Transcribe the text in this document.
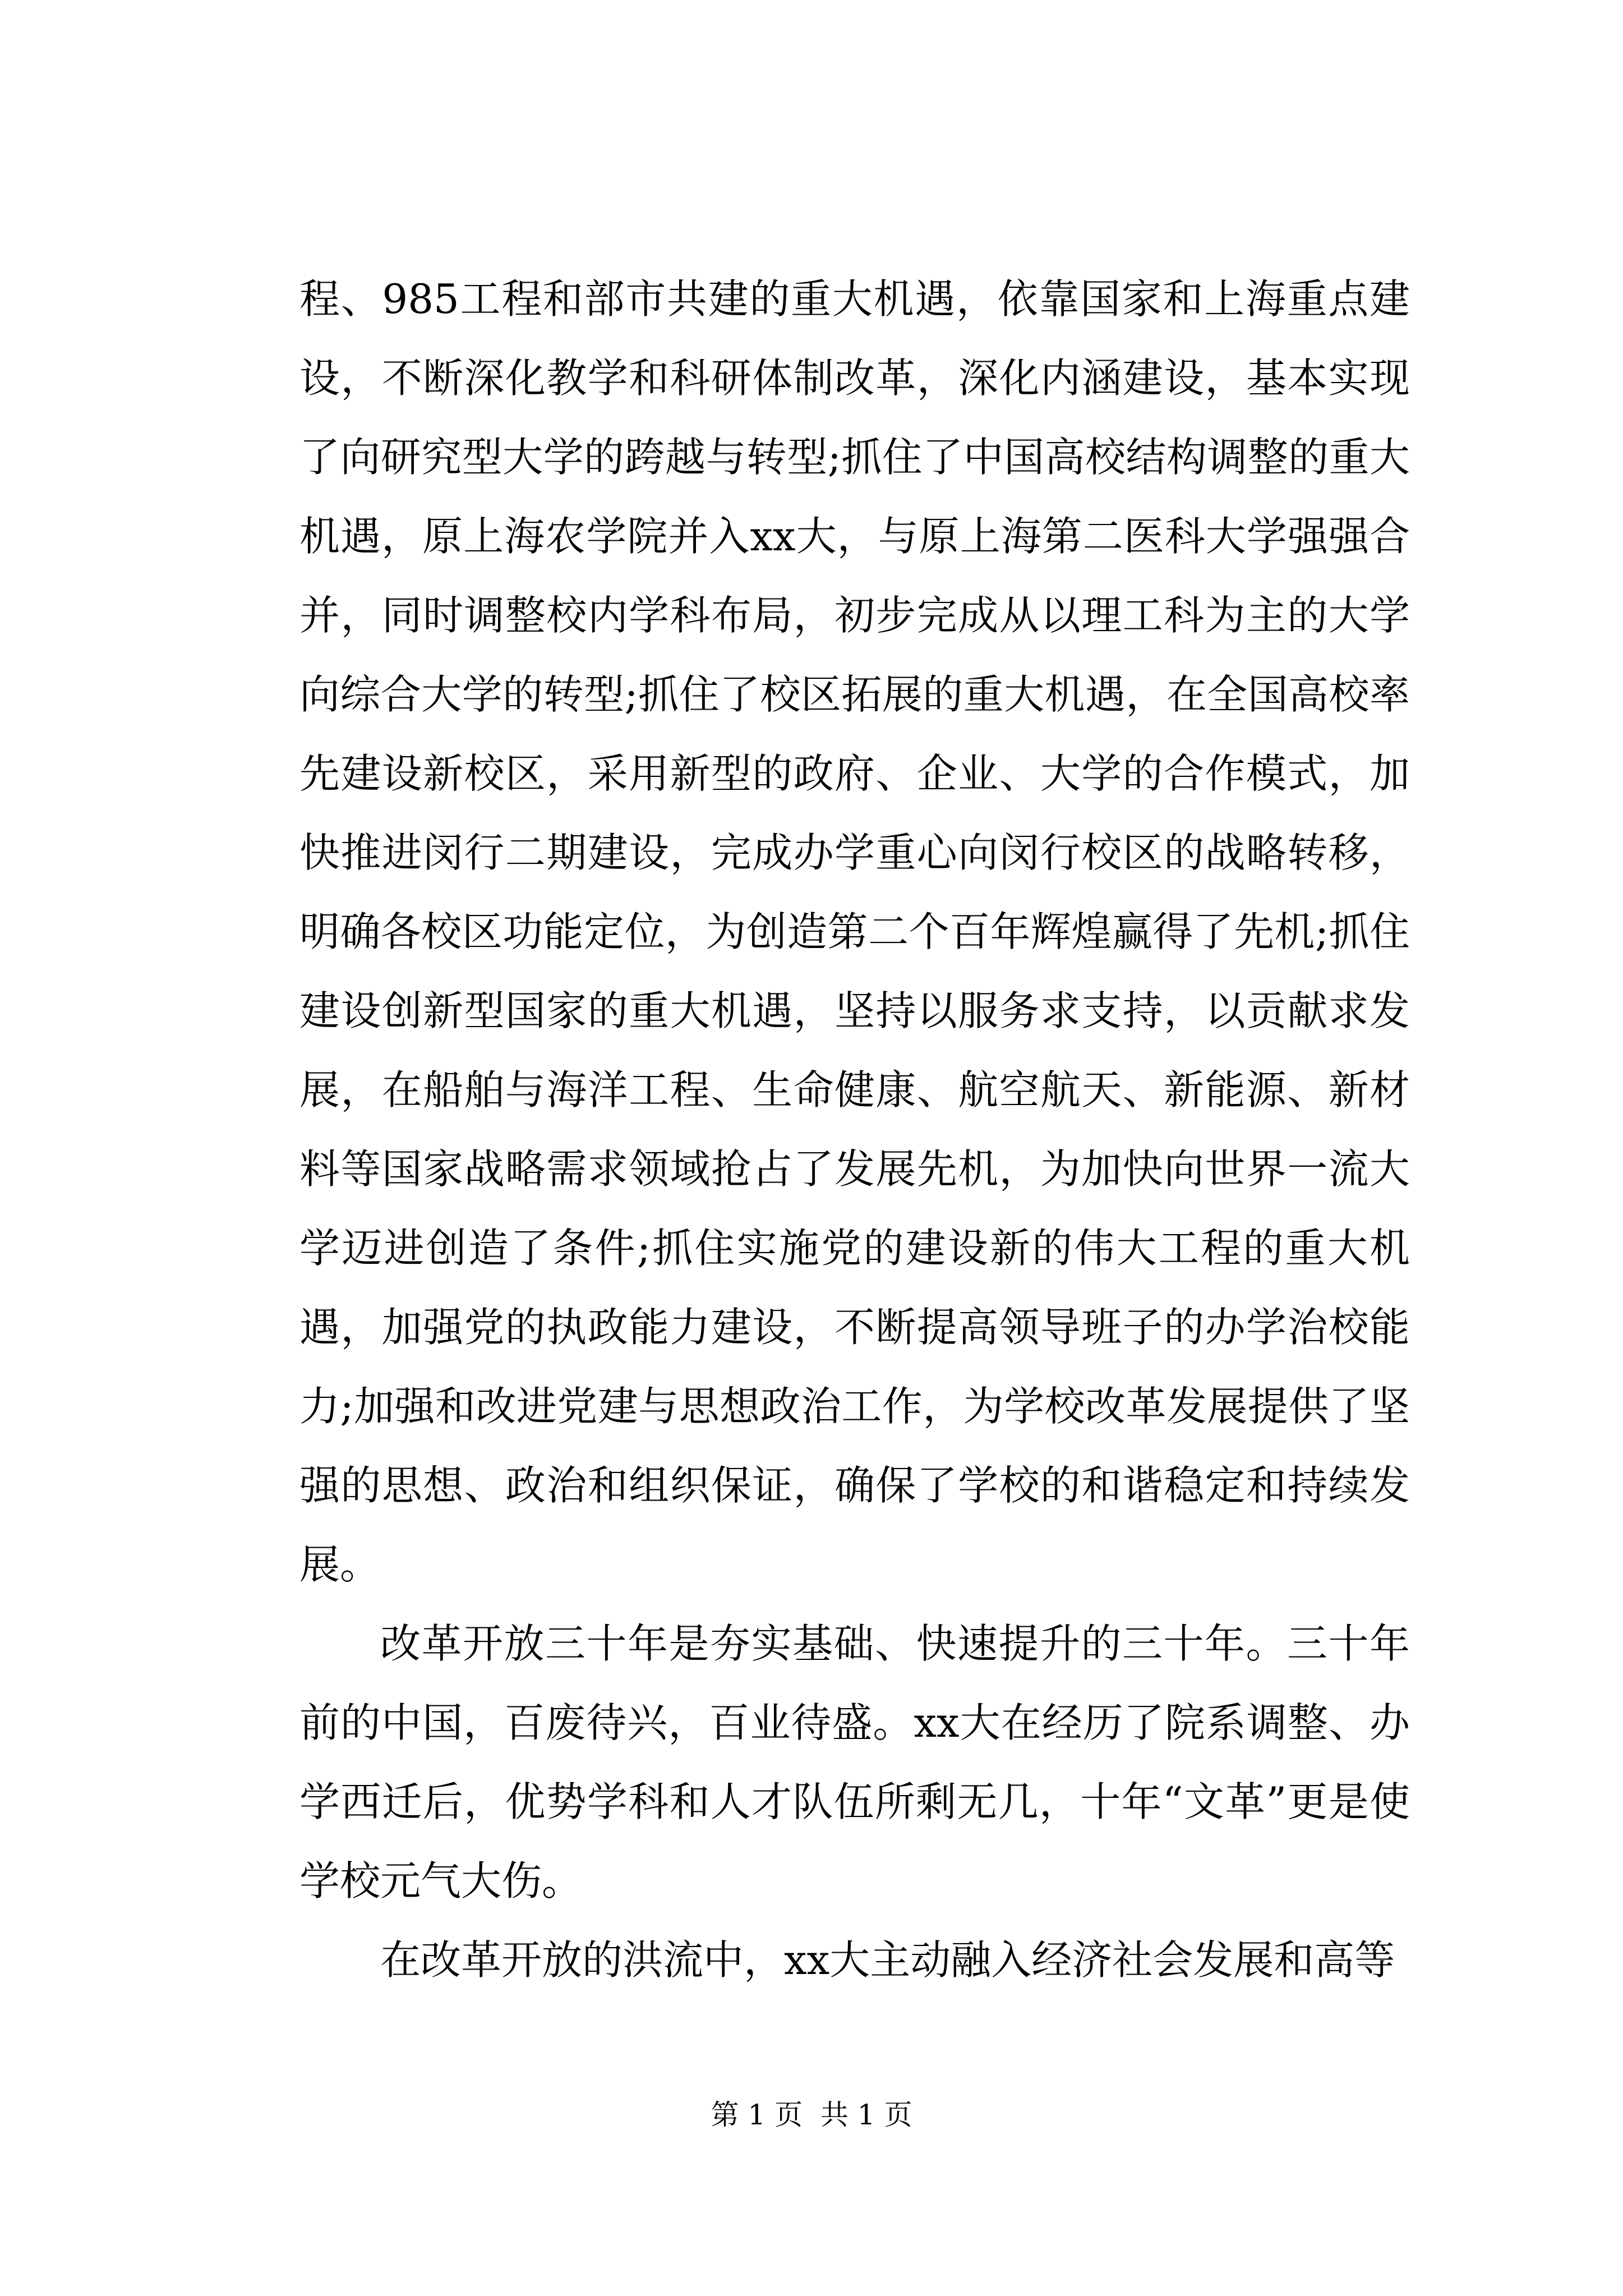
程、985工程和部市共建的重大机遇，依靠国家和上海重点建设，不断深化教学和科研体制改革，深化内涵建设，基本实现了向研究型大学的跨越与转型;抓住了中国高校结构调整的重大机遇，原上海农学院并入xx大，与原上海第二医科大学强强合并，同时调整校内学科布局，初步完成从以理工科为主的大学向综合大学的转型;抓住了校区拓展的重大机遇，在全国高校率先建设新校区，采用新型的政府、企业、大学的合作模式，加快推进闵行二期建设，完成办学重心向闵行校区的战略转移，明确各校区功能定位，为创造第二个百年辉煌赢得了先机;抓住建设创新型国家的重大机遇，坚持以服务求支持，以贡献求发展，在船舶与海洋工程、生命健康、航空航天、新能源、新材料等国家战略需求领域抢占了发展先机，为加快向世界一流大学迈进创造了条件;抓住实施党的建设新的伟大工程的重大机遇，加强党的执政能力建设，不断提高领导班子的办学治校能力;加强和改进党建与思想政治工作，为学校改革发展提供了坚强的思想、政治和组织保证，确保了学校的和谐稳定和持续发展。

改革开放三十年是夯实基础、快速提升的三十年。三十年前的中国，百废待兴，百业待盛。xx大在经历了院系调整、办学西迁后，优势学科和人才队伍所剩无几，十年“文革”更是使学校元气大伤。

在改革开放的洪流中，xx大主动融入经济社会发展和高等

第 1 页  共 1 页
